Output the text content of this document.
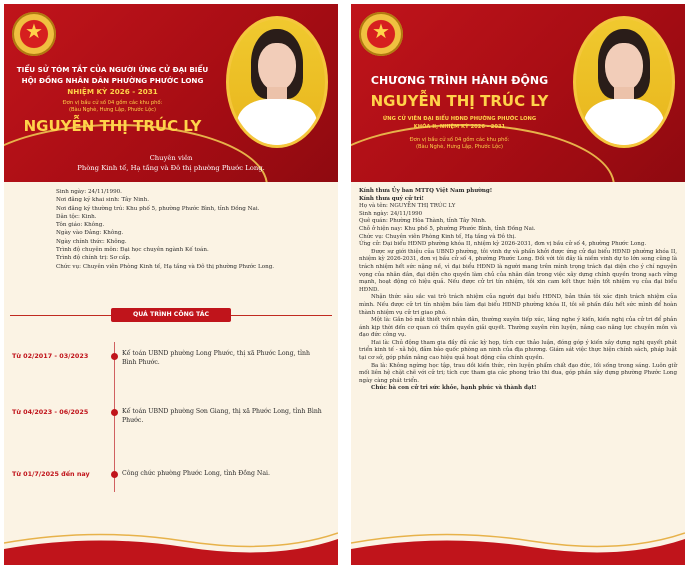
★
TIỂU SỬ TÓM TẮT CỦA NGƯỜI ỨNG CỬ ĐẠI BIỂU
HỘI ĐỒNG NHÂN DÂN PHƯỜNG PHƯỚC LONG
NHIỆM KỲ 2026 - 2031
Đơn vị bầu cử số 04 gồm các khu phố:
(Bàu Nghè, Hưng Lập, Phước Lộc)
NGUYỄN THỊ TRÚC LY
Chuyên viên
Phòng Kinh tế, Hạ tầng và Đô thị phường Phước Long.

Sinh ngày: 24/11/1990.

Nơi đăng ký khai sinh: Tây Ninh.

Nơi đăng ký thường trú: Khu phố 5, phường Phước Bình, tỉnh Đồng Nai.

Dân tộc: Kinh.

Tôn giáo: Không.

Ngày vào Đảng: Không.

Ngày chính thức: Không.

Trình độ chuyên môn: Đại học chuyên ngành Kế toán.

Trình độ chính trị: Sơ cấp.

Chức vụ: Chuyên viên Phòng Kinh tế, Hạ tầng và Đô thị phường Phước Long.

QUÁ TRÌNH CÔNG TÁC
Từ 02/2017 - 03/2023	Kế toán UBND phường Long Phước, thị xã Phước Long, tỉnh Bình Phước.
Từ 04/2023 - 06/2025	Kế toán UBND phường Sơn Giang, thị xã Phước Long, tỉnh Bình Phước.
Từ 01/7/2025 đến nay	Công chức phường Phước Long, tỉnh Đồng Nai.
★
CHƯƠNG TRÌNH HÀNH ĐỘNG
NGUYỄN THỊ TRÚC LY
ỨNG CỬ VIÊN ĐẠI BIỂU HĐND PHƯỜNG PHƯỚC LONG
KHÓA II, NHIỆM KỲ 2026 - 2031
Đơn vị bầu cử số 04 gồm các khu phố:
(Bàu Nghè, Hưng Lập, Phước Lộc)

Kính thưa Ủy ban MTTQ Việt Nam phường!

Kính thưa quý cử tri!

Họ và tên: NGUYỄN THỊ TRÚC LY

Sinh ngày: 24/11/1990

Quê quán: Phường Hòa Thành, tỉnh Tây Ninh.

Chỗ ở hiện nay: Khu phố 5, phường Phước Bình, tỉnh Đồng Nai.

Chức vụ: Chuyên viên Phòng Kinh tế, Hạ tầng và Đô thị.

Ứng cử: Đại biểu HĐND phường khóa II, nhiệm kỳ 2026-2031, đơn vị bầu cử số 4, phường Phước Long.

Được sự giới thiệu của UBND phường, tôi vinh dự và phấn khởi được ứng cử đại biểu HĐND phường khóa II, nhiệm kỳ 2026-2031, đơn vị bầu cử số 4, phường Phước Long. Đối với tôi đây là niềm vinh dự to lớn song cũng là trách nhiệm hết sức nặng nề, vì đại biểu HĐND là người mang trên mình trọng trách đại diện cho ý chí nguyện vọng của nhân dân, đại diện cho quyền làm chủ của nhân dân trong việc xây dựng chính quyền trong sạch vững mạnh, hoạt động có hiệu quả. Nếu được cử tri tín nhiệm, tôi xin cam kết thực hiện tốt nhiệm vụ của đại biểu HĐND.

Nhận thức sâu sắc vai trò trách nhiệm của người đại biểu HĐND, bản thân tôi xác định trách nhiệm của mình. Nếu được cử tri tín nhiệm bầu làm đại biểu HĐND phường khóa II, tôi sẽ phấn đấu hết sức mình để hoàn thành nhiệm vụ cử tri giao phó.

Một là: Gắn bó mật thiết với nhân dân, thường xuyên tiếp xúc, lắng nghe ý kiến, kiến nghị của cử tri để phản ánh kịp thời đến cơ quan có thẩm quyền giải quyết. Thường xuyên rèn luyện, nâng cao năng lực chuyên môn và đạo đức công vụ.

Hai là: Chủ động tham gia đầy đủ các kỳ họp, tích cực thảo luận, đóng góp ý kiến xây dựng nghị quyết phát triển kinh tế - xã hội, đảm bảo quốc phòng an ninh của địa phương. Giám sát việc thực hiện chính sách, pháp luật tại cơ sở, góp phần nâng cao hiệu quả hoạt động của chính quyền.

Ba là: Không ngừng học tập, trau dồi kiến thức, rèn luyện phẩm chất đạo đức, lối sống trong sáng. Luôn giữ mối liên hệ chặt chẽ với cử tri; tích cực tham gia các phong trào thi đua, góp phần xây dựng phường Phước Long ngày càng phát triển.

Chúc bà con cử tri sức khỏe, hạnh phúc và thành đạt!
